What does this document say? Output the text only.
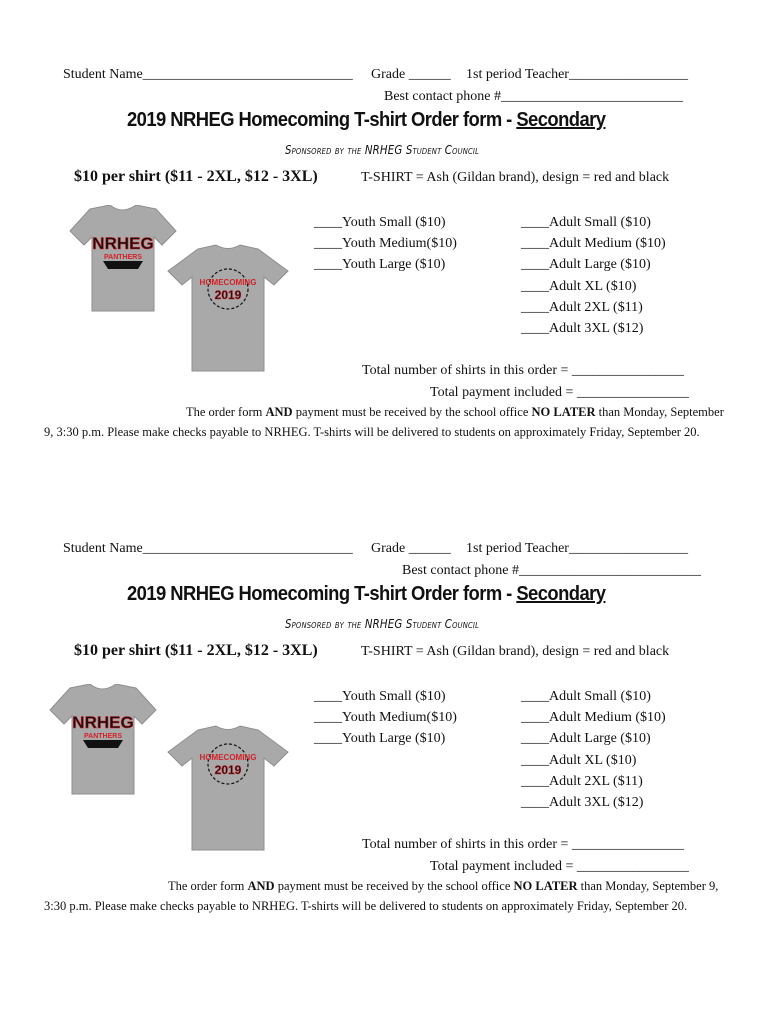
Student Name______________________________ Grade ______ 1st period Teacher_________________
Best contact phone #__________________________
2019 NRHEG Homecoming T-shirt Order form - Secondary
Sponsored by the NRHEG Student Council
$10 per shirt ($11 - 2XL, $12 - 3XL)	T-SHIRT = Ash (Gildan brand), design = red and black
NRHEG
PANTHERS
HOMECOMING
2019
____Youth Small ($10)
____Youth Medium($10)
____Youth Large ($10)
____Adult Small ($10)
____Adult Medium ($10)
____Adult Large ($10)
____Adult XL ($10)
____Adult 2XL ($11)
____Adult 3XL ($12)
Total number of shirts in this order = ________________
Total payment included = ________________
The order form AND payment must be received by the school office NO LATER than Monday, September 9, 3:30 p.m. Please make checks payable to NRHEG. T-shirts will be delivered to students on approximately Friday, September 20.
Student Name______________________________ Grade ______ 1st period Teacher_________________
Best contact phone #__________________________
2019 NRHEG Homecoming T-shirt Order form - Secondary
Sponsored by the NRHEG Student Council
$10 per shirt ($11 - 2XL, $12 - 3XL)	T-SHIRT = Ash (Gildan brand), design = red and black
NRHEG
PANTHERS
HOMECOMING
2019
____Youth Small ($10)
____Youth Medium($10)
____Youth Large ($10)
____Adult Small ($10)
____Adult Medium ($10)
____Adult Large ($10)
____Adult XL ($10)
____Adult 2XL ($11)
____Adult 3XL ($12)
Total number of shirts in this order = ________________
Total payment included = ________________
The order form AND payment must be received by the school office NO LATER than Monday, September 9, 3:30 p.m. Please make checks payable to NRHEG. T-shirts will be delivered to students on approximately Friday, September 20.
